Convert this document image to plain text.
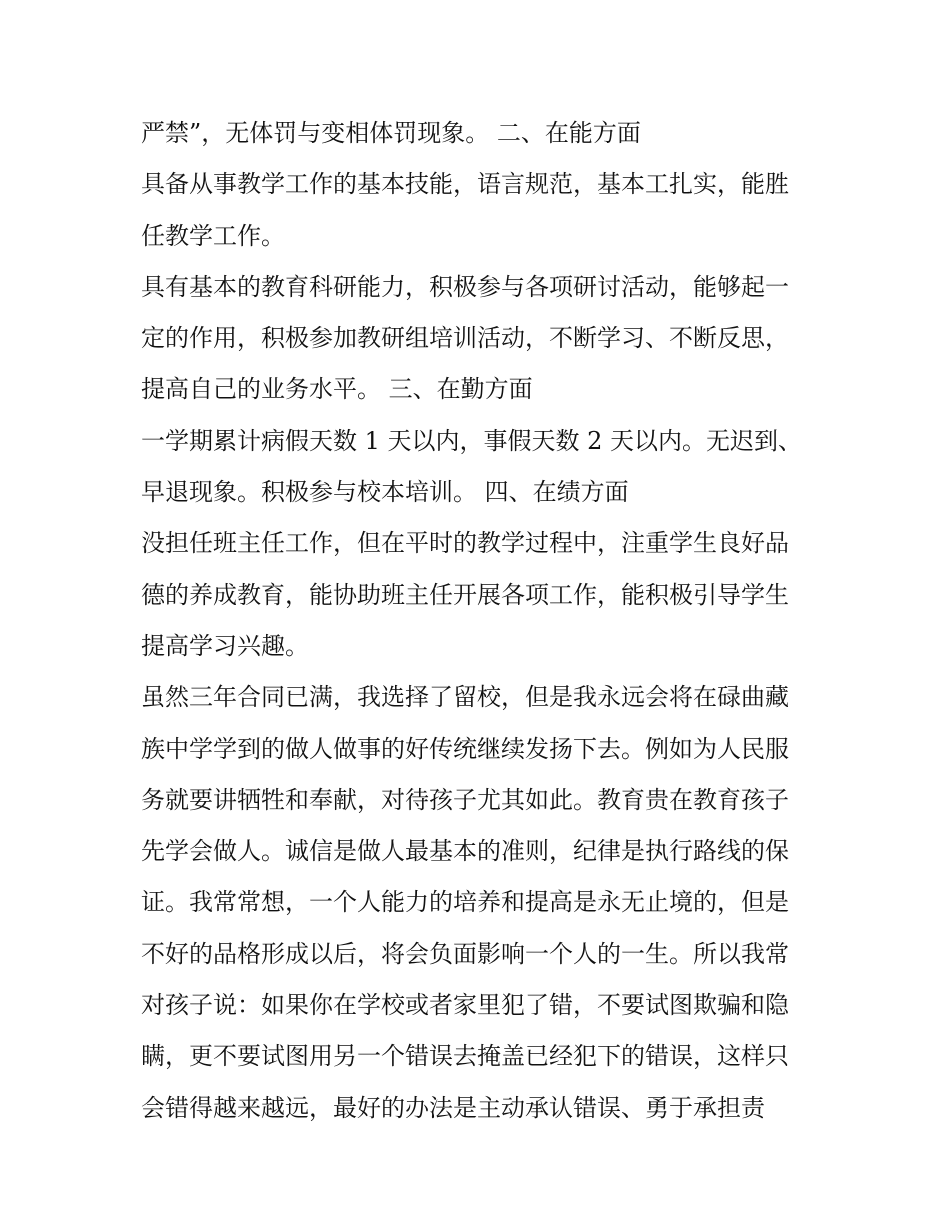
严禁”，无体罚与变相体罚现象。 二、在能方面
具备从事教学工作的基本技能，语言规范，基本工扎实，能胜
任教学工作。
具有基本的教育科研能力，积极参与各项研讨活动，能够起一
定的作用，积极参加教研组培训活动，不断学习、不断反思，
提高自己的业务水平。 三、在勤方面
一学期累计病假天数 1 天以内，事假天数 2 天以内。无迟到、
早退现象。积极参与校本培训。 四、在绩方面
没担任班主任工作，但在平时的教学过程中，注重学生良好品
德的养成教育，能协助班主任开展各项工作，能积极引导学生
提高学习兴趣。
虽然三年合同已满，我选择了留校，但是我永远会将在碌曲藏
族中学学到的做人做事的好传统继续发扬下去。例如为人民服
务就要讲牺牲和奉献，对待孩子尤其如此。教育贵在教育孩子
先学会做人。诚信是做人最基本的准则，纪律是执行路线的保
证。我常常想，一个人能力的培养和提高是永无止境的，但是
不好的品格形成以后，将会负面影响一个人的一生。所以我常
对孩子说：如果你在学校或者家里犯了错，不要试图欺骗和隐
瞒，更不要试图用另一个错误去掩盖已经犯下的错误，这样只
会错得越来越远，最好的办法是主动承认错误、勇于承担责
